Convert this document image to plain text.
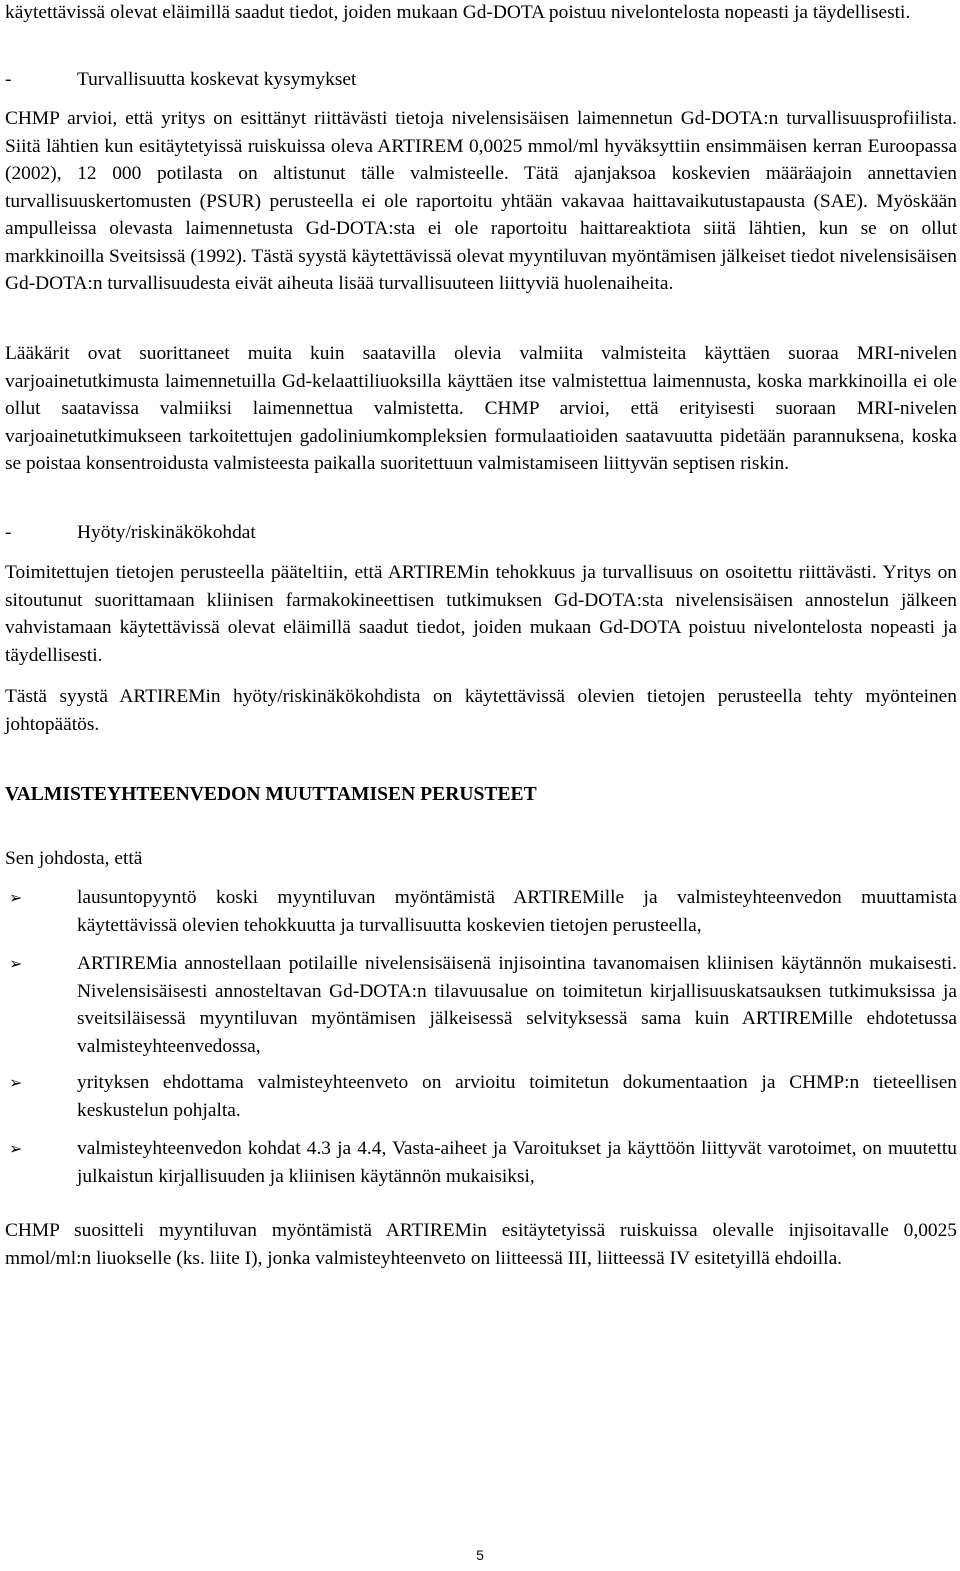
käytettävissä olevat eläimillä saadut tiedot, joiden mukaan Gd-DOTA poistuu nivelontelosta nopeasti ja täydellisesti.

-	Turvallisuutta koskevat kysymykset

CHMP arvioi, että yritys on esittänyt riittävästi tietoja nivelensisäisen laimennetun Gd-DOTA:n turvallisuusprofiilista. Siitä lähtien kun esitäytetyissä ruiskuissa oleva ARTIREM 0,0025 mmol/ml hyväksyttiin ensimmäisen kerran Euroopassa (2002), 12 000 potilasta on altistunut tälle valmisteelle. Tätä ajanjaksoa koskevien määräajoin annettavien turvallisuuskertomusten (PSUR) perusteella ei ole raportoitu yhtään vakavaa haittavaikutustapausta (SAE). Myöskään ampulleissa olevasta laimennetusta Gd-DOTA:sta ei ole raportoitu haittareaktiota siitä lähtien, kun se on ollut markkinoilla Sveitsissä (1992). Tästä syystä käytettävissä olevat myyntiluvan myöntämisen jälkeiset tiedot nivelensisäisen Gd-DOTA:n turvallisuudesta eivät aiheuta lisää turvallisuuteen liittyviä huolenaiheita.

Lääkärit ovat suorittaneet muita kuin saatavilla olevia valmiita valmisteita käyttäen suoraa MRI-nivelen varjoainetutkimusta laimennetuilla Gd-kelaattiliuoksilla käyttäen itse valmistettua laimennusta, koska markkinoilla ei ole ollut saatavissa valmiiksi laimennettua valmistetta. CHMP arvioi, että erityisesti suoraan MRI-nivelen varjoainetutkimukseen tarkoitettujen gadoliniumkompleksien formulaatioiden saatavuutta pidetään parannuksena, koska se poistaa konsentroidusta valmisteesta paikalla suoritettuun valmistamiseen liittyvän septisen riskin.

-	Hyöty/riskinäkökohdat

Toimitettujen tietojen perusteella pääteltiin, että ARTIREMin tehokkuus ja turvallisuus on osoitettu riittävästi. Yritys on sitoutunut suorittamaan kliinisen farmakokineettisen tutkimuksen Gd-DOTA:sta nivelensisäisen annostelun jälkeen vahvistamaan käytettävissä olevat eläimillä saadut tiedot, joiden mukaan Gd-DOTA poistuu nivelontelosta nopeasti ja täydellisesti.

Tästä syystä ARTIREMin hyöty/riskinäkökohdista on käytettävissä olevien tietojen perusteella tehty myönteinen johtopäätös.

VALMISTEYHTEENVEDON MUUTTAMISEN PERUSTEET

Sen johdosta, että

➢	lausuntopyyntö koski myyntiluvan myöntämistä ARTIREMille ja valmisteyhteenvedon muuttamista käytettävissä olevien tehokkuutta ja turvallisuutta koskevien tietojen perusteella,
➢	ARTIREMia annostellaan potilaille nivelensisäisenä injisointina tavanomaisen kliinisen käytännön mukaisesti. Nivelensisäisesti annosteltavan Gd-DOTA:n tilavuusalue on toimitetun kirjallisuuskatsauksen tutkimuksissa ja sveitsiläisessä myyntiluvan myöntämisen jälkeisessä selvityksessä sama kuin ARTIREMille ehdotetussa valmisteyhteenvedossa,
➢	yrityksen ehdottama valmisteyhteenveto on arvioitu toimitetun dokumentaation ja CHMP:n tieteellisen keskustelun pohjalta.
➢	valmisteyhteenvedon kohdat 4.3 ja 4.4, Vasta-aiheet ja Varoitukset ja käyttöön liittyvät varotoimet, on muutettu julkaistun kirjallisuuden ja kliinisen käytännön mukaisiksi,

CHMP suositteli myyntiluvan myöntämistä ARTIREMin esitäytetyissä ruiskuissa olevalle injisoitavalle 0,0025 mmol/ml:n liuokselle (ks. liite I), jonka valmisteyhteenveto on liitteessä III, liitteessä IV esitetyillä ehdoilla.

5
